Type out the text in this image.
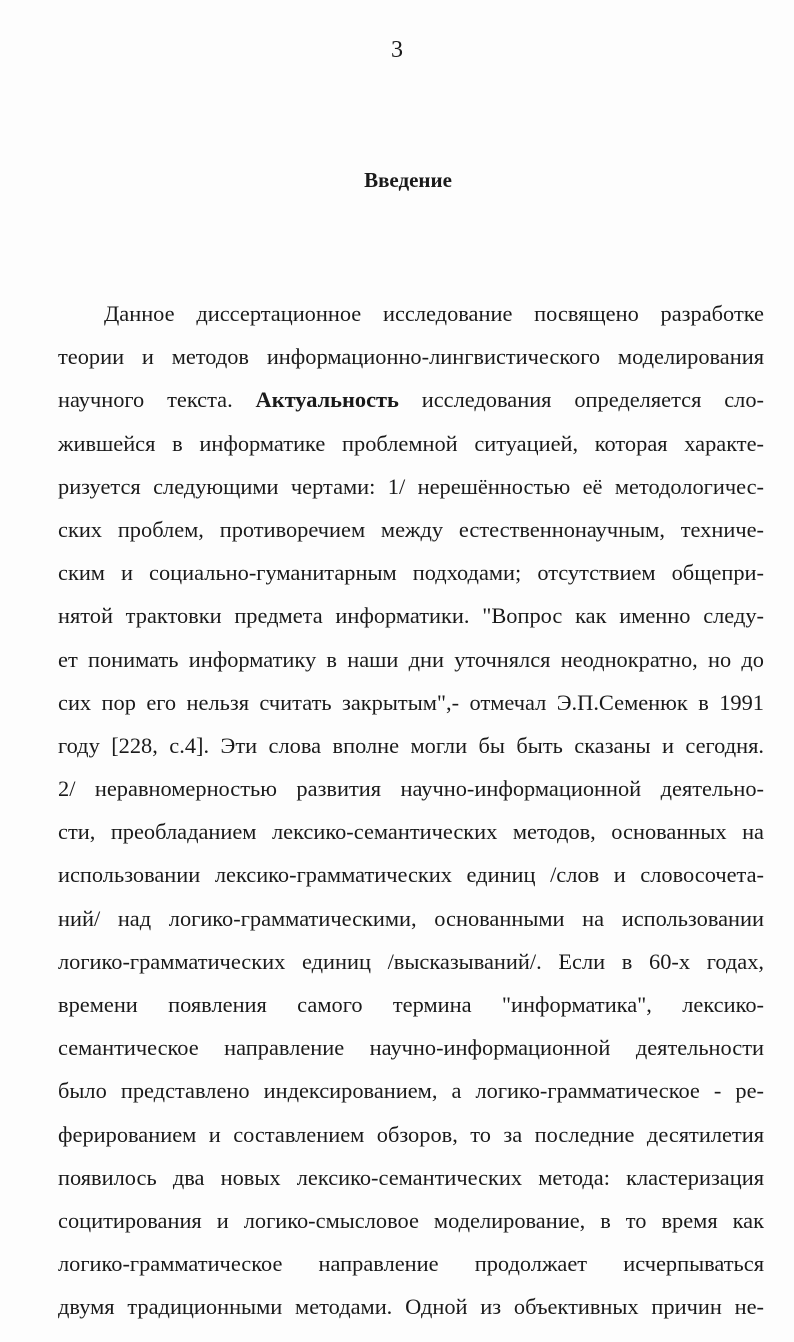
3
Введение
Данное диссертационное исследование посвящено разработке
теории и методов информационно-лингвистического моделирования
научного текста. Актуальность исследования определяется сло-
жившейся в информатике проблемной ситуацией, которая характе-
ризуется следующими чертами: 1/ нерешённостью её методологичес-
ских проблем, противоречием между естественнонаучным, техниче-
ским и социально-гуманитарным подходами; отсутствием общепри-
нятой трактовки предмета информатики. "Вопрос как именно следу-
ет понимать информатику в наши дни уточнялся неоднократно, но до
сих пор его нельзя считать закрытым",- отмечал Э.П.Семенюк в 1991
году [228, с.4]. Эти слова вполне могли бы быть сказаны и сегодня.
2/ неравномерностью развития научно-информационной деятельно-
сти, преобладанием лексико-семантических методов, основанных на
использовании лексико-грамматических единиц /слов и словосочета-
ний/ над логико-грамматическими, основанными на использовании
логико-грамматических единиц /высказываний/. Если в 60-х годах,
времени появления самого термина "информатика", лексико-
семантическое направление научно-информационной деятельности
было представлено индексированием, а логико-грамматическое - ре-
ферированием и составлением обзоров, то за последние десятилетия
появилось два новых лексико-семантических метода: кластеризация
социтирования и логико-смысловое моделирование, в то время как
логико-грамматическое направление продолжает исчерпываться
двумя традиционными методами. Одной из объективных причин не-
